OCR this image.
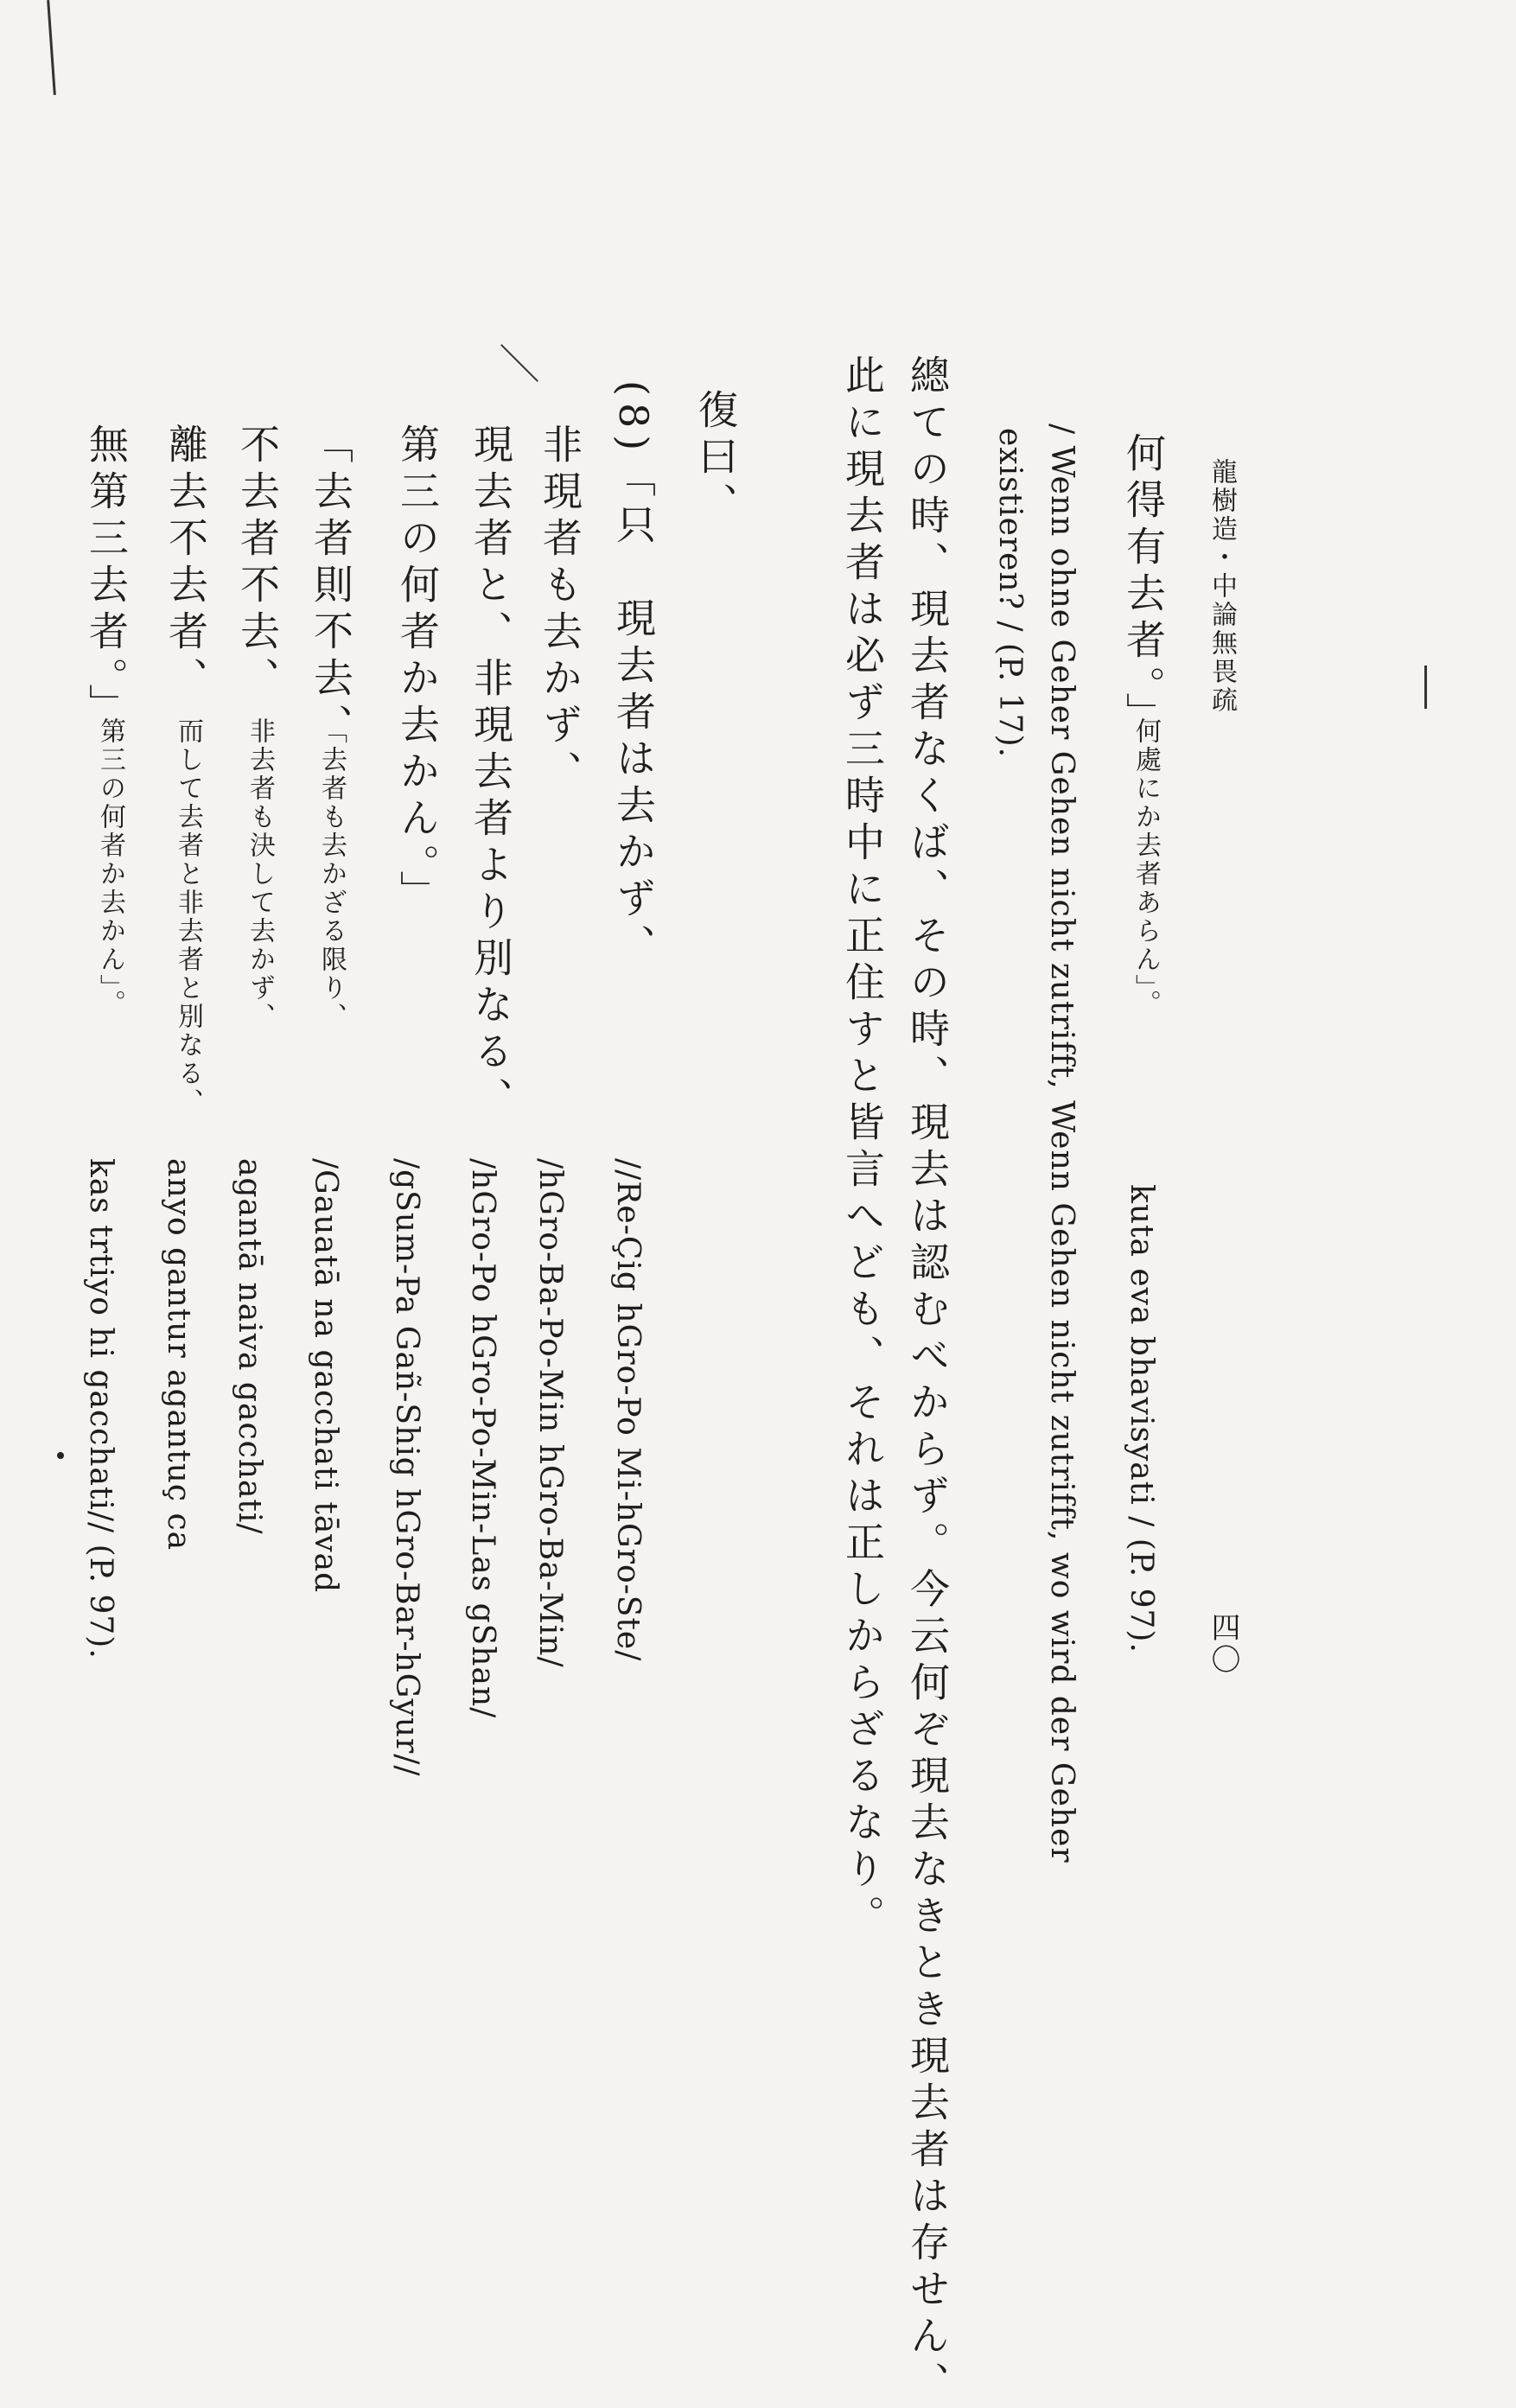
龍樹造・中論無畏疏
四〇
何得有去者。」
何處にか去者あらん」。
kuta eva bhavisyati / (P. 97).
/ Wenn ohne Geher Gehen nicht zutrifft, Wenn Gehen nicht zutrifft, wo wird der Geher
existieren? / (P. 17).
總ての時、現去者なくば、その時、現去は認むべからず。今云何ぞ現去なきとき現去者は存せん、
此に現去者は必ず三時中に正住すと皆言へども、それは正しからざるなり。
復曰、
(8)「只　現去者は去かず、
//Re-Çig hGro-Po Mi-hGro-Ste/
非現者も去かず、
/hGro-Ba-Po-Min hGro-Ba-Min/
現去者と、非現去者より別なる、
/hGro-Po hGro-Po-Min-Las gShan/
第三の何者か去かん。」
/gSum-Pa Gañ-Shig hGro-Bar-hGyur//
「去者則不去、
「去者も去かざる限り、
/Gauatā na gacchati tāvad
不去者不去、
非去者も決して去かず、
agantā naiva gacchati/
離去不去者、
而して去者と非去者と別なる、
anyo gantur agantuç ca
無第三去者。」
第三の何者か去かん」。
kas trtiyo hi gacchati// (P. 97).
